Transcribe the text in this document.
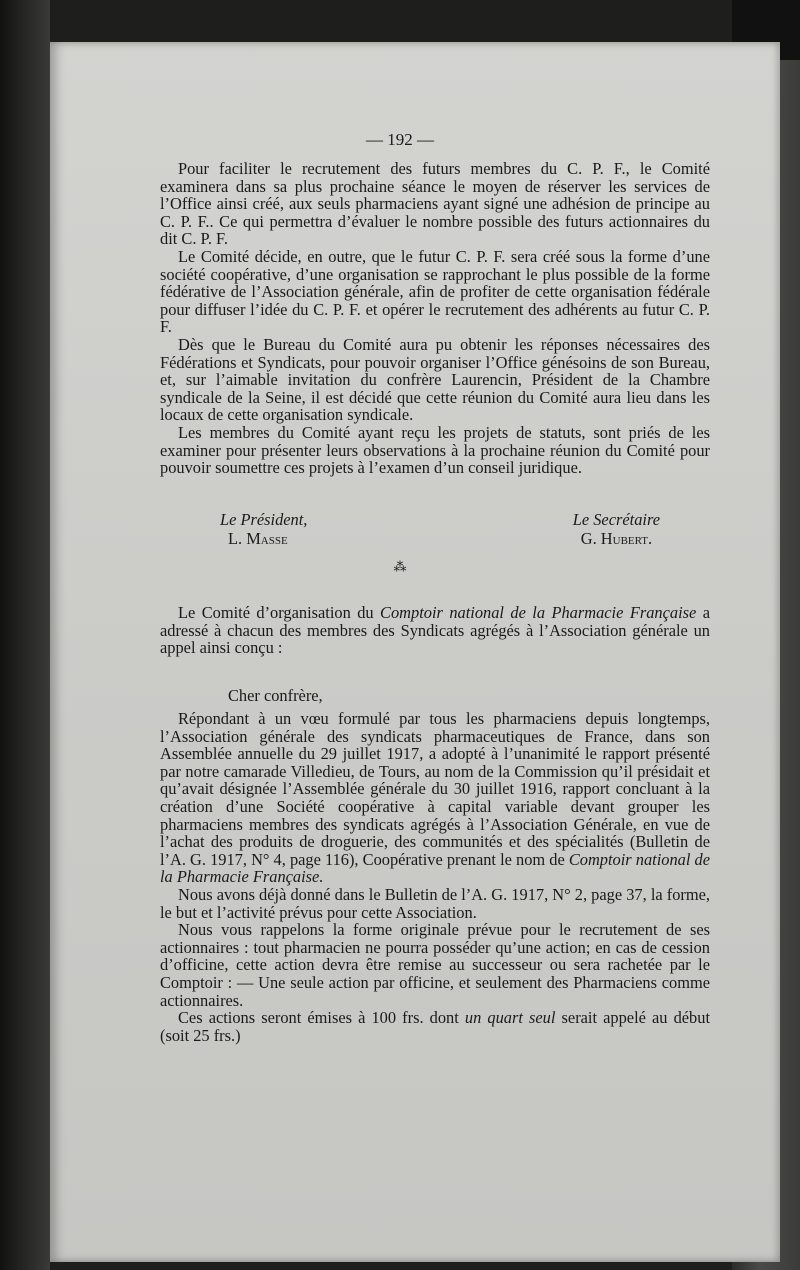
— 192 —

Pour faciliter le recrutement des futurs membres du C. P. F., le Comité examinera dans sa plus prochaine séance le moyen de réserver les services de l’Office ainsi créé, aux seuls pharmaciens ayant signé une adhésion de principe au C. P. F.. Ce qui permettra d’évaluer le nombre possible des futurs actionnaires du dit C. P. F.

Le Comité décide, en outre, que le futur C. P. F. sera créé sous la forme d’une société coopérative, d’une organisation se rapprochant le plus possible de la forme fédérative de l’Association générale, afin de profiter de cette organisation fédérale pour diffuser l’idée du C. P. F. et opérer le recrutement des adhérents au futur C. P. F.

Dès que le Bureau du Comité aura pu obtenir les réponses nécessaires des Fédérations et Syndicats, pour pouvoir organiser l’Office génésoins de son Bureau, et, sur l’aimable invitation du confrère Laurencin, Président de la Chambre syndicale de la Seine, il est décidé que cette réunion du Comité aura lieu dans les locaux de cette organisation syndicale.

Les membres du Comité ayant reçu les projets de statuts, sont priés de les examiner pour présenter leurs observations à la prochaine réunion du Comité pour pouvoir soumettre ces projets à l’examen d’un conseil juridique.

Le Président,
L. Masse
Le Secrétaire
G. Hubert.
⁂

Le Comité d’organisation du Comptoir national de la Pharmacie Française a adressé à chacun des membres des Syndicats agrégés à l’Association générale un appel ainsi conçu :

Cher confrère,

Répondant à un vœu formulé par tous les pharmaciens depuis longtemps, l’Association générale des syndicats pharmaceutiques de France, dans son Assemblée annuelle du 29 juillet 1917, a adopté à l’unanimité le rapport présenté par notre camarade Villedieu, de Tours, au nom de la Commission qu’il présidait et qu’avait désignée l’Assemblée générale du 30 juillet 1916, rapport concluant à la création d’une Société coopérative à capital variable devant grouper les pharmaciens membres des syndicats agrégés à l’Association Générale, en vue de l’achat des produits de droguerie, des communités et des spécialités (Bulletin de l’A. G. 1917, N° 4, page 116), Coopérative prenant le nom de Comptoir national de la Pharmacie Française.

Nous avons déjà donné dans le Bulletin de l’A. G. 1917, N° 2, page 37, la forme, le but et l’activité prévus pour cette Association.

Nous vous rappelons la forme originale prévue pour le recrutement de ses actionnaires : tout pharmacien ne pourra posséder qu’une action; en cas de cession d’officine, cette action devra être remise au successeur ou sera rachetée par le Comptoir : — Une seule action par officine, et seulement des Pharmaciens comme actionnaires.

Ces actions seront émises à 100 frs. dont un quart seul serait appelé au début (soit 25 frs.)
